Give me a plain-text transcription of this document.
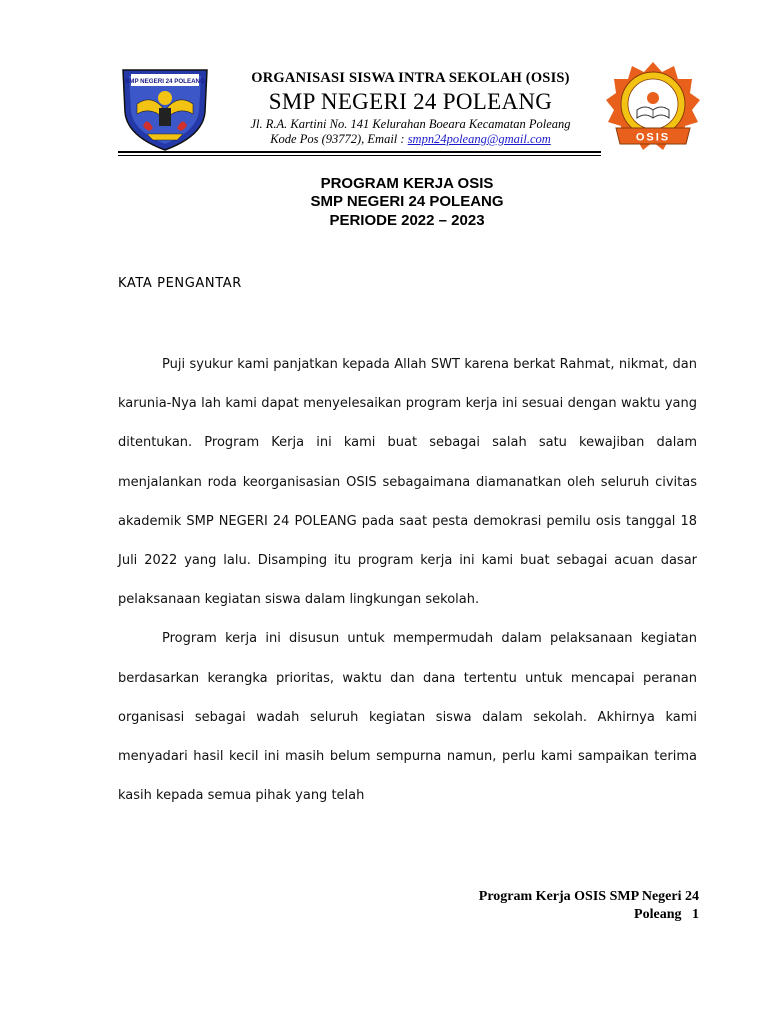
SMP NEGERI 24 POLEANG
OSIS
ORGANISASI SISWA INTRA SEKOLAH (OSIS)
SMP NEGERI 24 POLEANG
Jl. R.A. Kartini No. 141 Kelurahan Boeara Kecamatan Poleang
Kode Pos (93772), Email : smpn24poleang@gmail.com
PROGRAM KERJA OSIS
SMP NEGERI 24 POLEANG
PERIODE 2022 – 2023
KATA PENGANTAR

Puji syukur kami panjatkan kepada Allah SWT karena berkat Rahmat, nikmat, dan karunia-Nya lah kami dapat menyelesaikan program kerja ini sesuai dengan waktu yang ditentukan. Program Kerja ini kami buat sebagai salah satu kewajiban dalam menjalankan roda keorganisasian OSIS sebagaimana diamanatkan oleh seluruh civitas akademik SMP NEGERI 24 POLEANG pada saat pesta demokrasi pemilu osis tanggal 18 Juli 2022 yang lalu. Disamping itu program kerja ini kami buat sebagai acuan dasar pelaksanaan kegiatan siswa dalam lingkungan sekolah.

Program kerja ini disusun untuk mempermudah dalam pelaksanaan kegiatan berdasarkan kerangka prioritas, waktu dan dana tertentu untuk mencapai peranan organisasi sebagai wadah seluruh kegiatan siswa dalam sekolah. Akhirnya kami menyadari hasil kecil ini masih belum sempurna namun, perlu kami sampaikan terima kasih kepada semua pihak yang telah

Program Kerja OSIS SMP Negeri 24
Poleang 1
